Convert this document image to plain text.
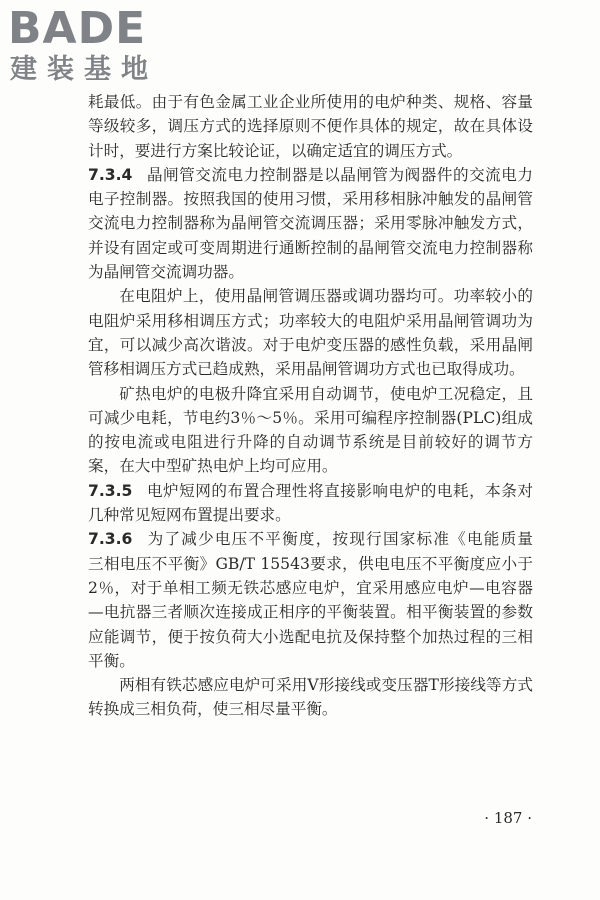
BADE
建装基地

耗最低。由于有色金属工业企业所使用的电炉种类、规格、容量等级较多，调压方式的选择原则不便作具体的规定，故在具体设计时，要进行方案比较论证，以确定适宜的调压方式。

7.3.4 晶闸管交流电力控制器是以晶闸管为阀器件的交流电力电子控制器。按照我国的使用习惯，采用移相脉冲触发的晶闸管交流电力控制器称为晶闸管交流调压器；采用零脉冲触发方式，并设有固定或可变周期进行通断控制的晶闸管交流电力控制器称为晶闸管交流调功器。

在电阻炉上，使用晶闸管调压器或调功器均可。功率较小的电阻炉采用移相调压方式；功率较大的电阻炉采用晶闸管调功为宜，可以减少高次谐波。对于电炉变压器的感性负载，采用晶闸管移相调压方式已趋成熟，采用晶闸管调功方式也已取得成功。

矿热电炉的电极升降宜采用自动调节，使电炉工况稳定，且可减少电耗，节电约3％～5％。采用可编程序控制器(PLC)组成的按电流或电阻进行升降的自动调节系统是目前较好的调节方案，在大中型矿热电炉上均可应用。

7.3.5 电炉短网的布置合理性将直接影响电炉的电耗，本条对几种常见短网布置提出要求。

7.3.6 为了减少电压不平衡度，按现行国家标准《电能质量　三相电压不平衡》GB/T 15543要求，供电电压不平衡度应小于2％，对于单相工频无铁芯感应电炉，宜采用感应电炉—电容器—电抗器三者顺次连接成正相序的平衡装置。相平衡装置的参数应能调节，便于按负荷大小选配电抗及保持整个加热过程的三相平衡。

两相有铁芯感应电炉可采用V形接线或变压器T形接线等方式转换成三相负荷，使三相尽量平衡。

· 187 ·
